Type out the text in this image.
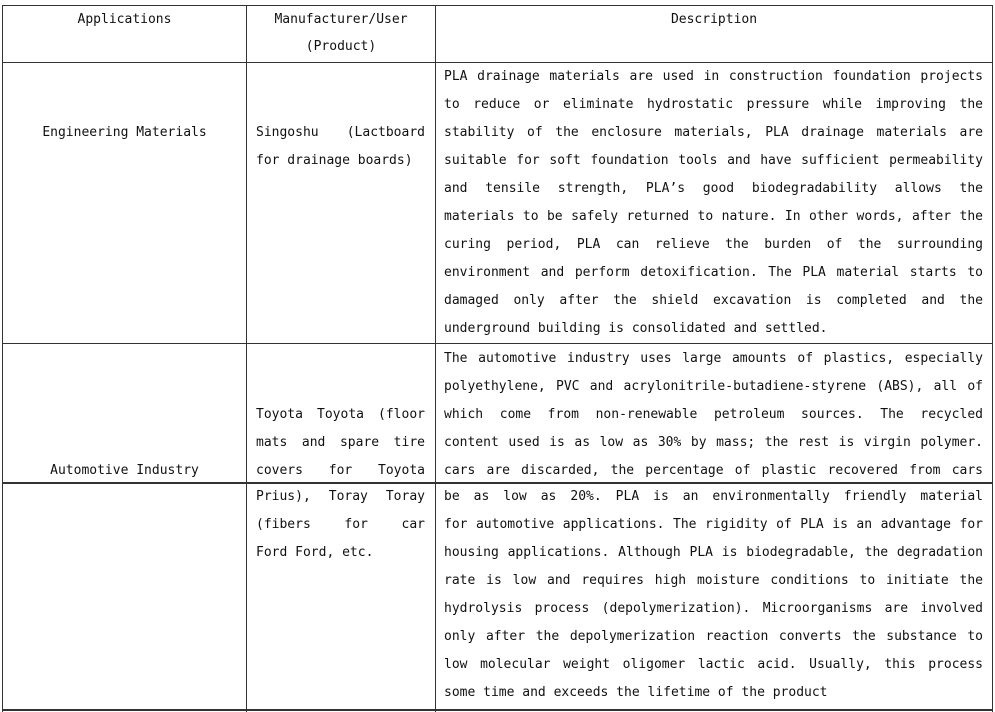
Applications	Manufacturer/User
(Product)
Description
Engineering Materials	Singoshu (Lactboard
for drainage boards)
PLA drainage materials are used in construction foundation projects
to reduce or eliminate hydrostatic pressure while improving the
stability of the enclosure materials, PLA drainage materials are
suitable for soft foundation tools and have sufficient permeability
and tensile strength, PLA’s good biodegradability allows the
materials to be safely returned to nature. In other words, after the
curing period, PLA can relieve the burden of the surrounding
environment and perform detoxification. The PLA material starts to
damaged only after the shield excavation is completed and the
underground building is consolidated and settled.
Automotive Industry
Toyota Toyota (floor
mats and spare tire
covers for Toyota
Prius), Toray Toray
(fibers for car
Ford Ford, etc.
The automotive industry uses large amounts of plastics, especially
polyethylene, PVC and acrylonitrile-butadiene-styrene (ABS), all of
which come from non-renewable petroleum sources. The recycled
content used is as low as 30% by mass; the rest is virgin polymer.
cars are discarded, the percentage of plastic recovered from cars
be as low as 20%. PLA is an environmentally friendly material
for automotive applications. The rigidity of PLA is an advantage for
housing applications. Although PLA is biodegradable, the degradation
rate is low and requires high moisture conditions to initiate the
hydrolysis process (depolymerization). Microorganisms are involved
only after the depolymerization reaction converts the substance to
low molecular weight oligomer lactic acid. Usually, this process
some time and exceeds the lifetime of the product
